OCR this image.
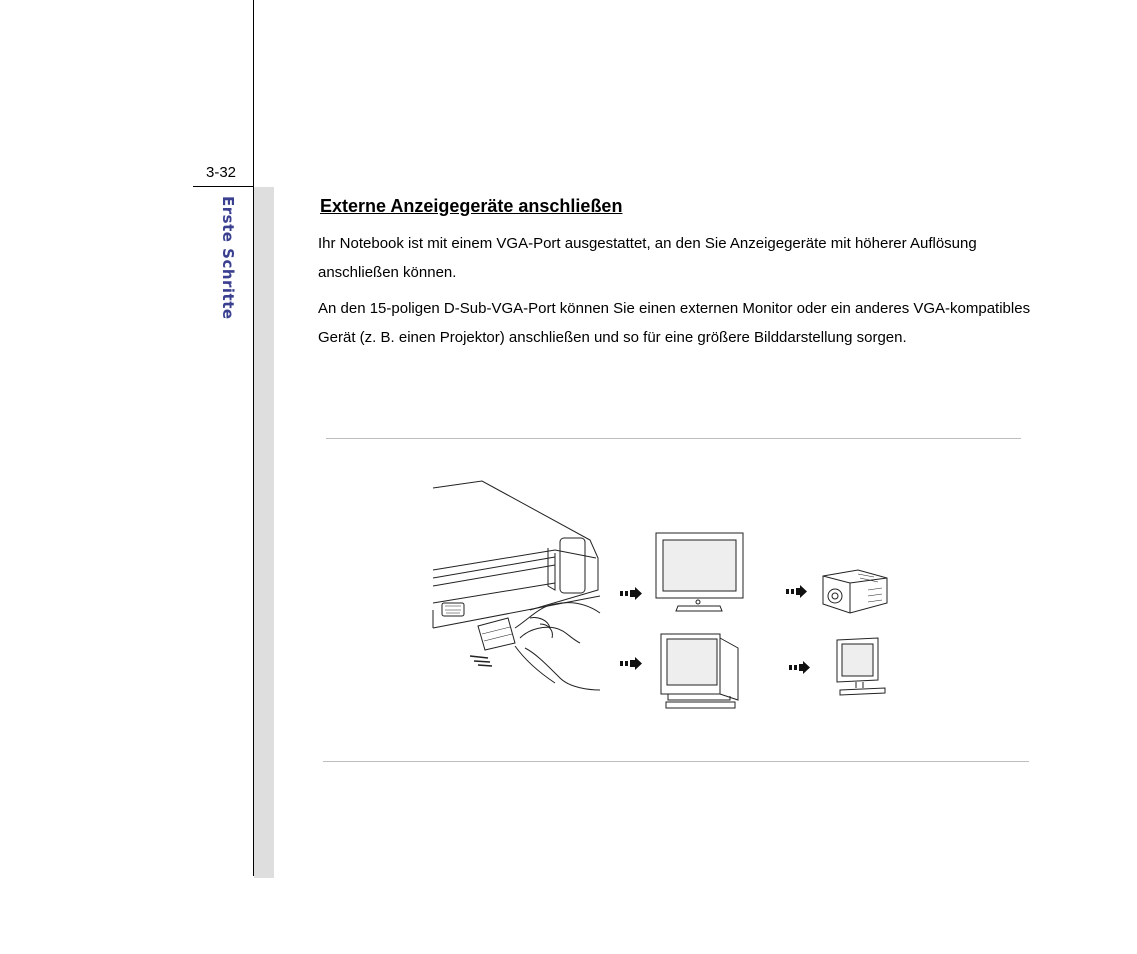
3-32
Erste Schritte	Externe Anzeigegeräte anschließen

Ihr Notebook ist mit einem VGA-Port ausgestattet, an den Sie Anzeigegeräte mit höherer Auflösung anschließen können.

An den 15-poligen D-Sub-VGA-Port können Sie einen externen Monitor oder ein anderes VGA-kompatibles Gerät (z. B. einen Projektor) anschließen und so für eine größere Bilddarstellung sorgen.
